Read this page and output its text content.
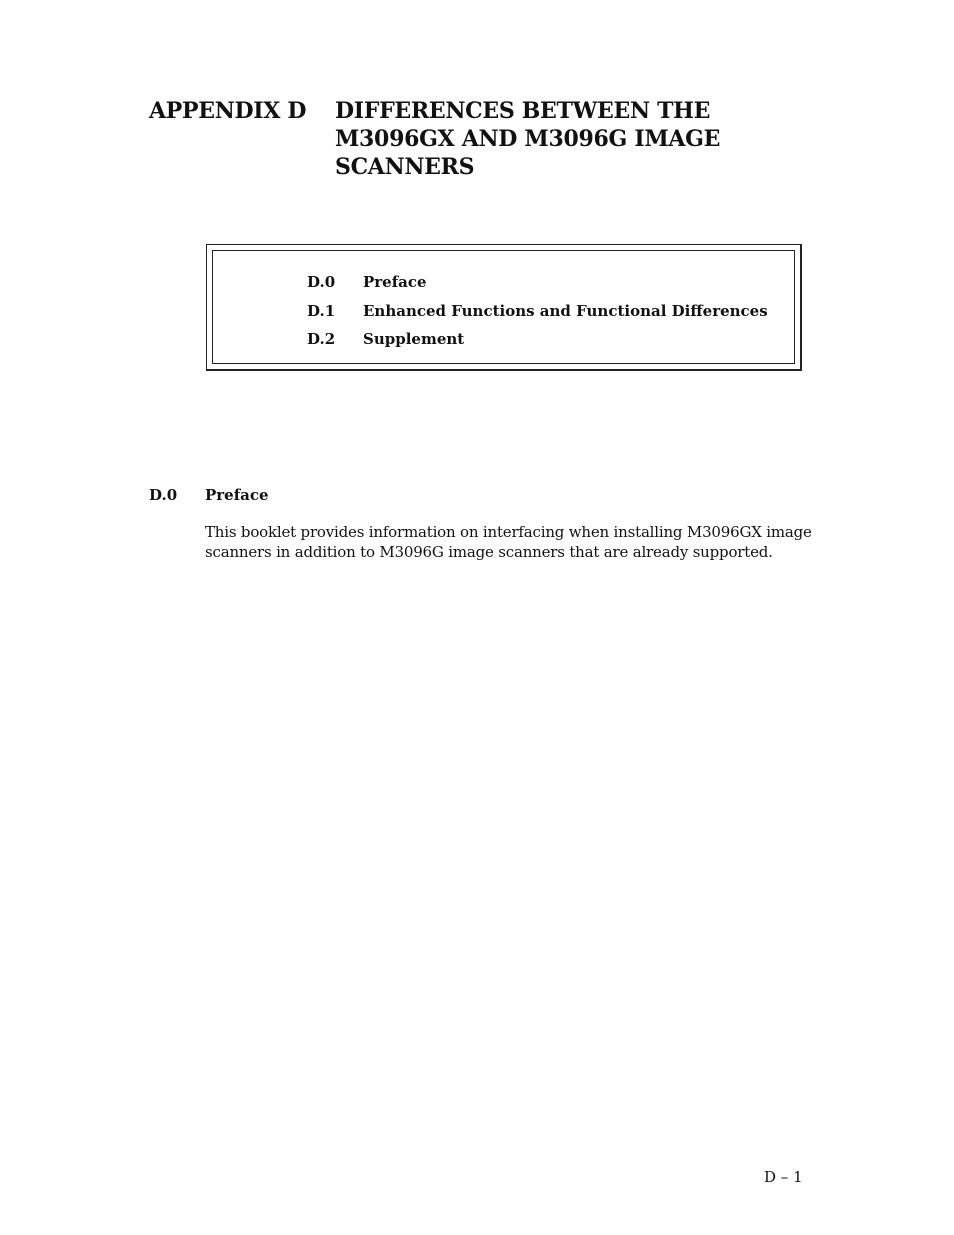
APPENDIX D DIFFERENCES BETWEEN THE
M3096GX AND M3096G IMAGE
SCANNERS
D.0	Preface
D.1	Enhanced Functions and Functional Differences
D.2	Supplement
D.0	Preface
This booklet provides information on interfacing when installing M3096GX image
scanners in addition to M3096G image scanners that are already supported.
D – 1
